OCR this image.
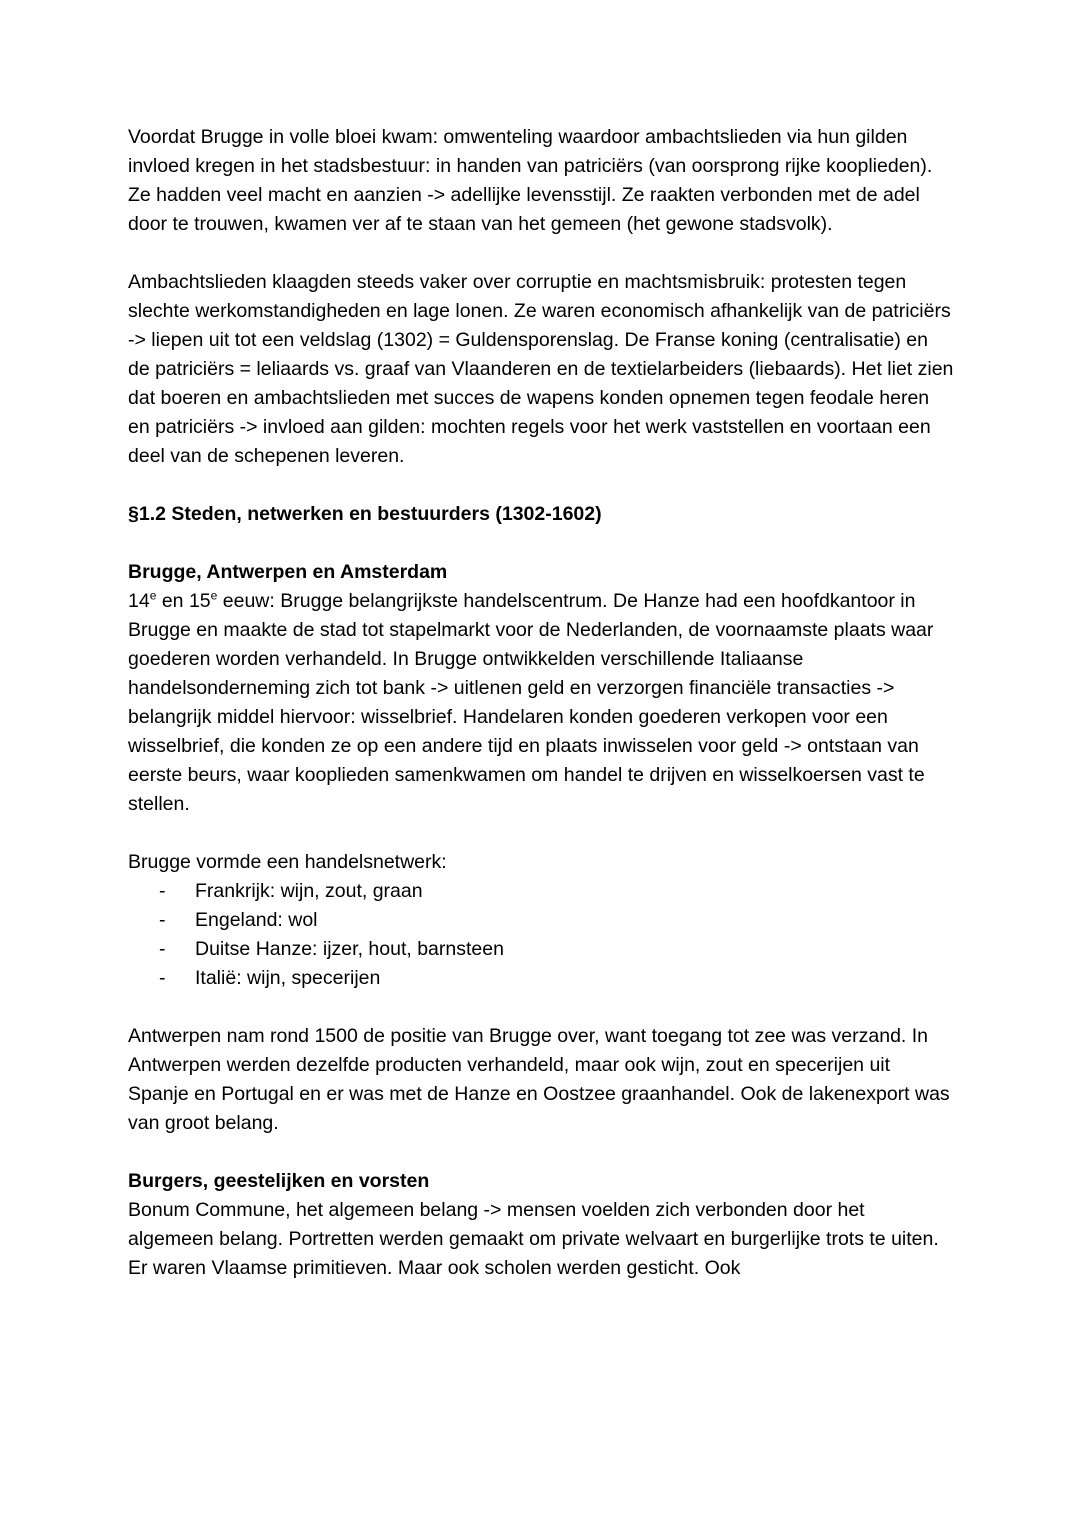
Voordat Brugge in volle bloei kwam: omwenteling waardoor ambachtslieden via hun gilden invloed kregen in het stadsbestuur: in handen van patriciërs (van oorsprong rijke kooplieden). Ze hadden veel macht en aanzien -> adellijke levensstijl. Ze raakten verbonden met de adel door te trouwen, kwamen ver af te staan van het gemeen (het gewone stadsvolk).

Ambachtslieden klaagden steeds vaker over corruptie en machtsmisbruik: protesten tegen slechte werkomstandigheden en lage lonen. Ze waren economisch afhankelijk van de patriciërs -> liepen uit tot een veldslag (1302) = Guldensporenslag. De Franse koning (centralisatie) en de patriciërs = leliaards vs. graaf van Vlaanderen en de textielarbeiders (liebaards). Het liet zien dat boeren en ambachtslieden met succes de wapens konden opnemen tegen feodale heren en patriciërs -> invloed aan gilden: mochten regels voor het werk vaststellen en voortaan een deel van de schepenen leveren.

§1.2 Steden, netwerken en bestuurders (1302-1602)
Brugge, Antwerpen en Amsterdam

14e en 15e eeuw: Brugge belangrijkste handelscentrum. De Hanze had een hoofdkantoor in Brugge en maakte de stad tot stapelmarkt voor de Nederlanden, de voornaamste plaats waar goederen worden verhandeld. In Brugge ontwikkelden verschillende Italiaanse handelsonderneming zich tot bank -> uitlenen geld en verzorgen financiële transacties -> belangrijk middel hiervoor: wisselbrief. Handelaren konden goederen verkopen voor een wisselbrief, die konden ze op een andere tijd en plaats inwisselen voor geld -> ontstaan van eerste beurs, waar kooplieden samenkwamen om handel te drijven en wisselkoersen vast te stellen.

Brugge vormde een handelsnetwerk:

-	Frankrijk: wijn, zout, graan
-	Engeland: wol
-	Duitse Hanze: ijzer, hout, barnsteen
-	Italië: wijn, specerijen

Antwerpen nam rond 1500 de positie van Brugge over, want toegang tot zee was verzand. In Antwerpen werden dezelfde producten verhandeld, maar ook wijn, zout en specerijen uit Spanje en Portugal en er was met de Hanze en Oostzee graanhandel. Ook de lakenexport was van groot belang.

Burgers, geestelijken en vorsten

Bonum Commune, het algemeen belang -> mensen voelden zich verbonden door het algemeen belang. Portretten werden gemaakt om private welvaart en burgerlijke trots te uiten. Er waren Vlaamse primitieven. Maar ook scholen werden gesticht. Ook
